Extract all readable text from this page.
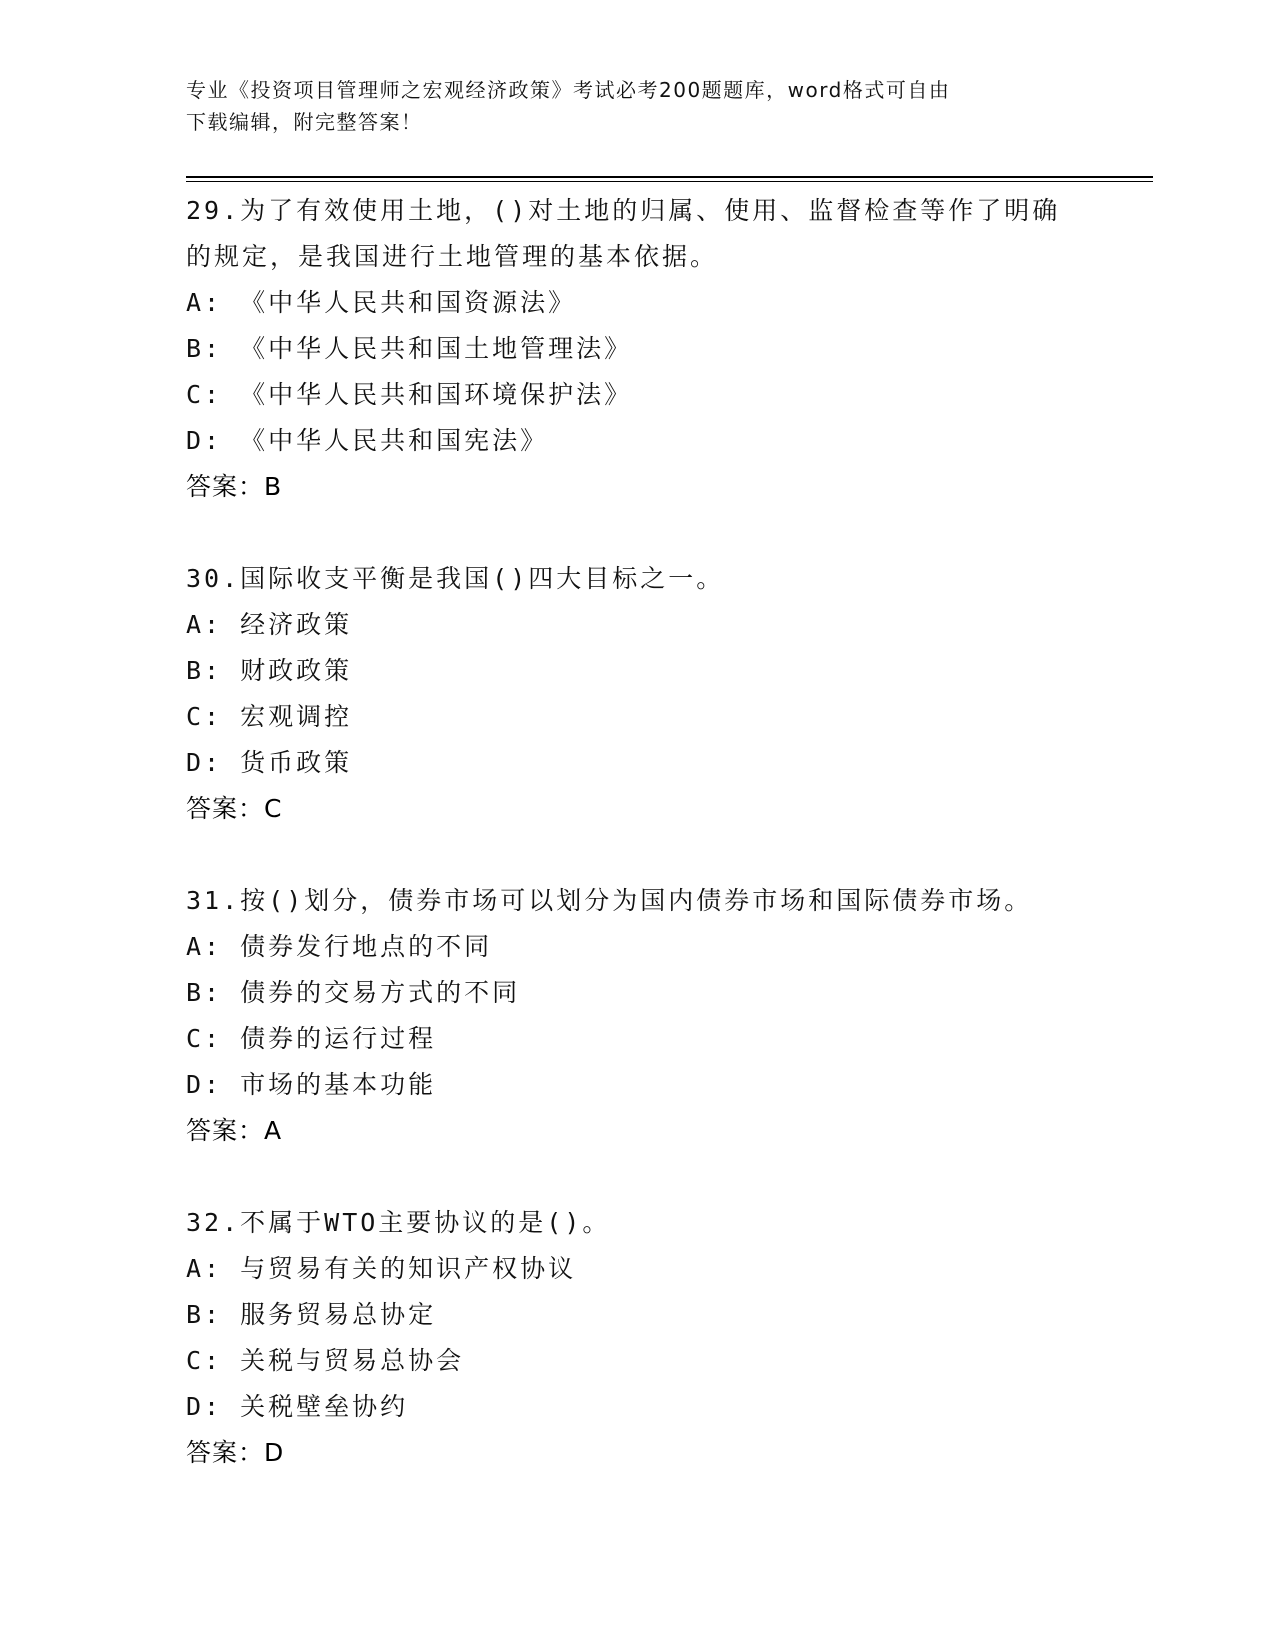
专业《投资项目管理师之宏观经济政策》考试必考200题题库，word格式可自由
下载编辑，附完整答案！
29.为了有效使用土地，()对土地的归属、使用、监督检查等作了明确
的规定，是我国进行土地管理的基本依据。
A: 《中华人民共和国资源法》
B: 《中华人民共和国土地管理法》
C: 《中华人民共和国环境保护法》
D: 《中华人民共和国宪法》
答案：B
30.国际收支平衡是我国()四大目标之一。
A: 经济政策
B: 财政政策
C: 宏观调控
D: 货币政策
答案：C
31.按()划分，债券市场可以划分为国内债券市场和国际债券市场。
A: 债券发行地点的不同
B: 债券的交易方式的不同
C: 债券的运行过程
D: 市场的基本功能
答案：A
32.不属于WTO主要协议的是()。
A: 与贸易有关的知识产权协议
B: 服务贸易总协定
C: 关税与贸易总协会
D: 关税壁垒协约
答案：D
